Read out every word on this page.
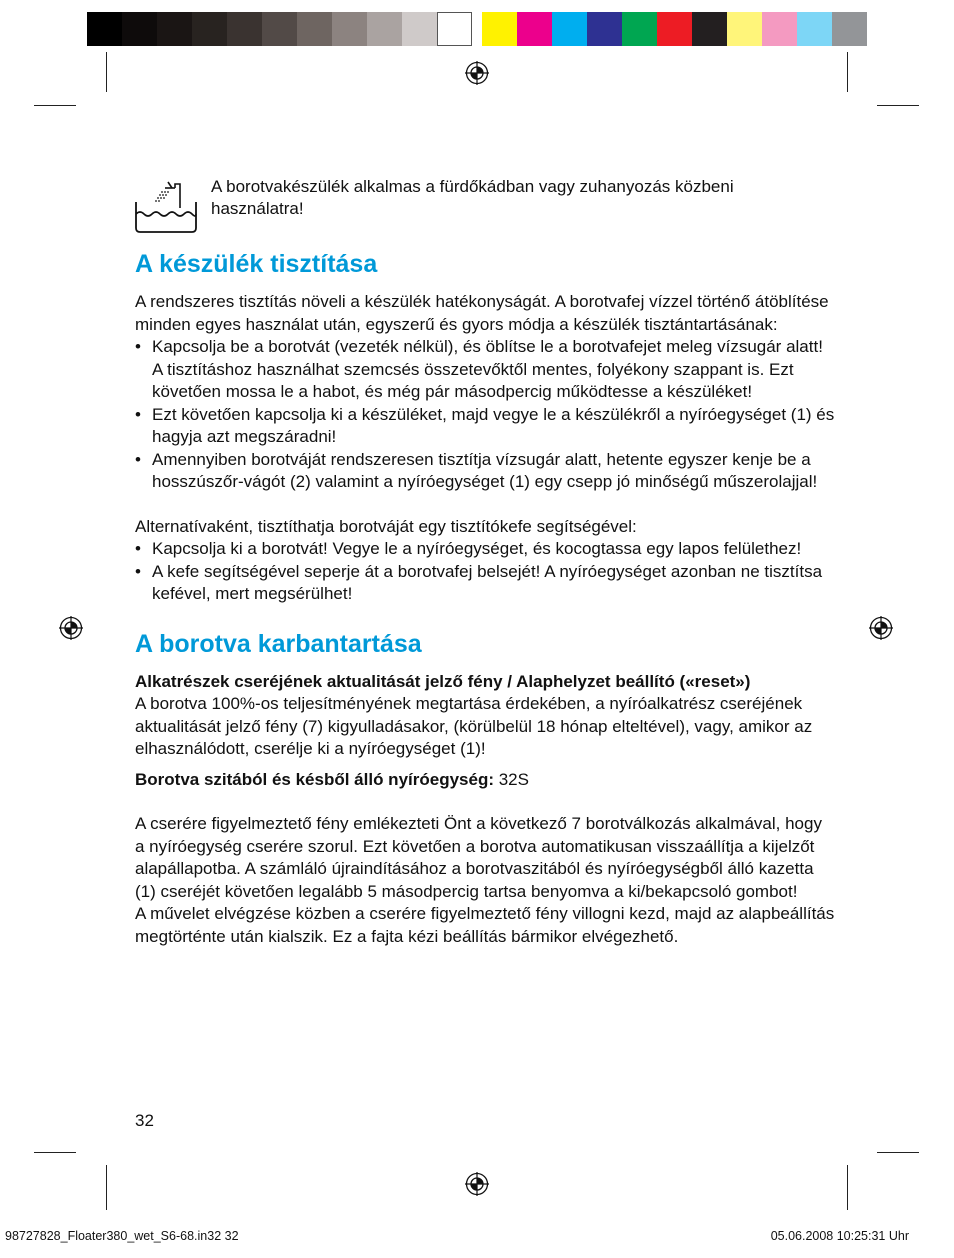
A borotvakészülék alkalmas a fürdőkádban vagy zuhanyozás közbeni használatra!

A készülék tisztítása

A rendszeres tisztítás növeli a készülék hatékonyságát. A borotvafej vízzel történő átöblítése minden egyes használat után, egyszerű és gyors módja a készülék tisztántartásának:

• Kapcsolja be a borotvát (vezeték nélkül), és öblítse le a borotvafejet meleg vízsugár alatt! A tisztításhoz használhat szemcsés összetevőktől mentes, folyékony szappant is. Ezt követően mossa le a habot, és még pár másodpercig működtesse a készüléket!
• Ezt követően kapcsolja ki a készüléket, majd vegye le a készülékről a nyíróegységet (1) és hagyja azt megszáradni!
• Amennyiben borotváját rendszeresen tisztítja vízsugár alatt, hetente egyszer kenje be a hosszúszőr-vágót (2) valamint a nyíróegységet (1) egy csepp jó minőségű műszerolajjal!

Alternatívaként, tisztíthatja borotváját egy tisztítókefe segítségével:

• Kapcsolja ki a borotvát! Vegye le a nyíróegységet, és kocogtassa egy lapos felülethez!
• A kefe segítségével seperje át a borotvafej belsejét! A nyíróegységet azonban ne tisztítsa kefével, mert megsérülhet!
A borotva karbantartása

Alkatrészek cseréjének aktualitását jelző fény / Alaphelyzet beállító («reset»)

A borotva 100%-os teljesítményének megtartása érdekében, a nyíróalkatrész cseréjének aktualitását jelző fény (7) kigyulladásakor, (körülbelül 18 hónap elteltével), vagy, amikor az elhasználódott, cserélje ki a nyíróegységet (1)!

Borotva szitából és késből álló nyíróegység: 32S

A cserére figyelmeztető fény emlékezteti Önt a következő 7 borotválkozás alkalmával, hogy a nyíróegység cserére szorul. Ezt követően a borotva automatikusan visszaállítja a kijelzőt alapállapotba. A számláló újraindításához a borotvaszitából és nyíróegységből álló kazetta (1) cseréjét követően legalább 5 másodpercig tartsa benyomva a ki/bekapcsoló gombot!

A művelet elvégzése közben a cserére figyelmeztető fény villogni kezd, majd az alapbeállítás megtörténte után kialszik. Ez a fajta kézi beállítás bármikor elvégezhető.

32
98727828_Floater380_wet_S6-68.in32 32	05.06.2008 10:25:31 Uhr
